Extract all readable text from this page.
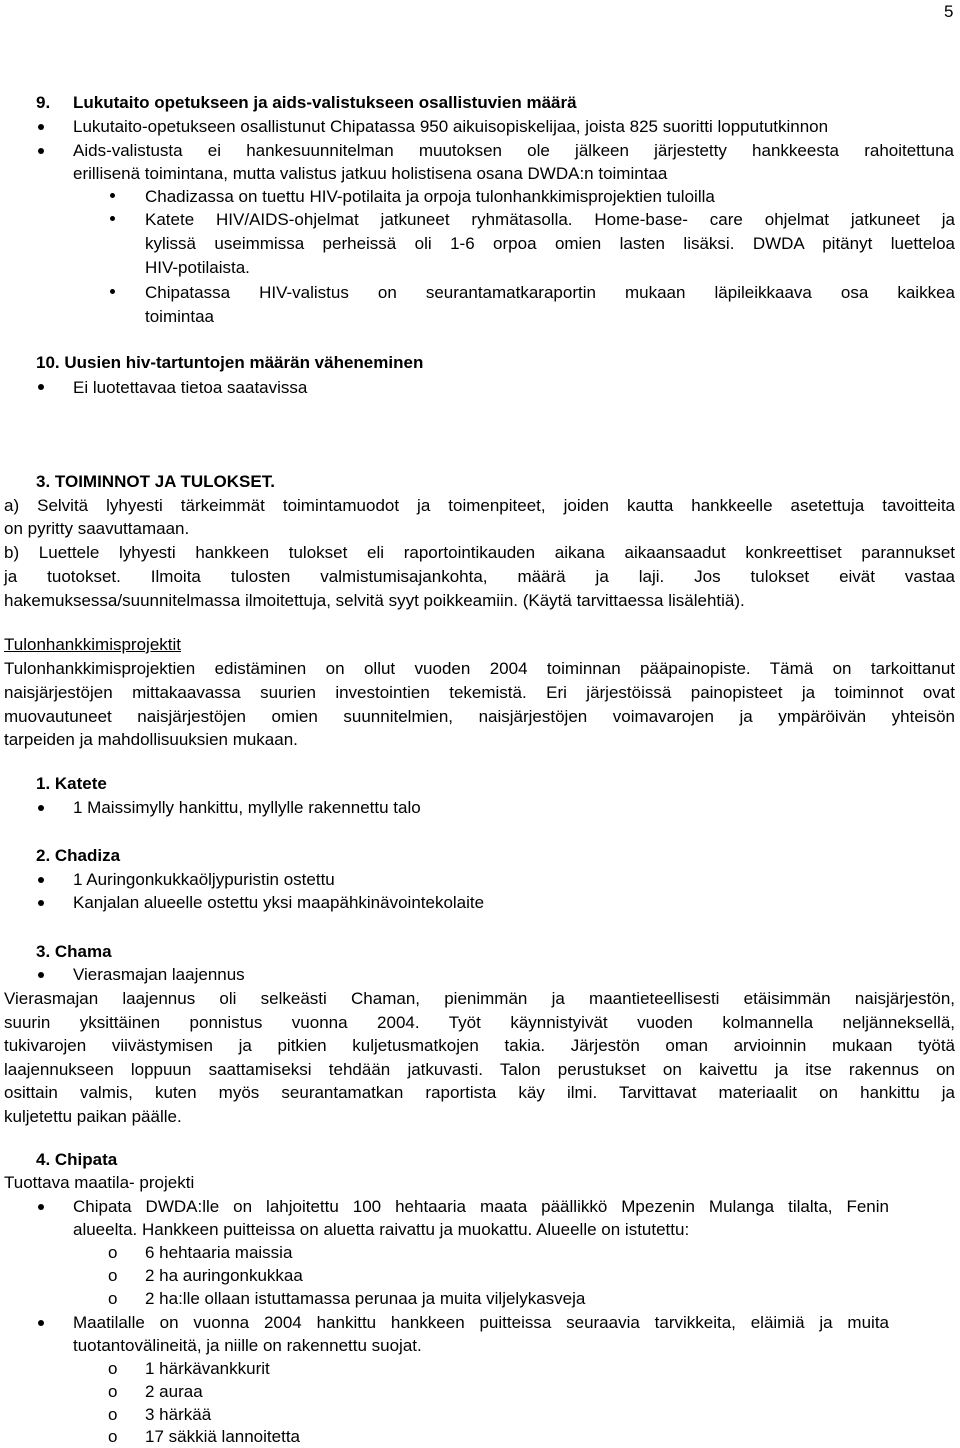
5
9. Lukutaito opetukseen ja aids-valistukseen osallistuvien määrä
Lukutaito-opetukseen osallistunut Chipatassa 950 aikuisopiskelijaa, joista 825 suoritti loppututkinnon
Aids-valistusta ei hankesuunnitelman muutoksen ole jälkeen järjestetty hankkeesta rahoitettuna
erillisenä toimintana, mutta valistus jatkuu holistisena osana DWDA:n toimintaa
Chadizassa on tuettu HIV-potilaita ja orpoja tulonhankkimisprojektien tuloilla
Katete HIV/AIDS-ohjelmat jatkuneet ryhmätasolla. Home-base- care ohjelmat jatkuneet ja
kylissä useimmissa perheissä oli 1-6 orpoa omien lasten lisäksi. DWDA pitänyt luetteloa
HIV-potilaista.
Chipatassa HIV-valistus on seurantamatkaraportin mukaan läpileikkaava osa kaikkea
toimintaa
10. Uusien hiv-tartuntojen määrän väheneminen
Ei luotettavaa tietoa saatavissa
3. TOIMINNOT JA TULOKSET.
a) Selvitä lyhyesti tärkeimmät toimintamuodot ja toimenpiteet, joiden kautta hankkeelle asetettuja tavoitteita
on pyritty saavuttamaan.
b) Luettele lyhyesti hankkeen tulokset eli raportointikauden aikana aikaansaadut konkreettiset parannukset
ja tuotokset. Ilmoita tulosten valmistumisajankohta, määrä ja laji. Jos tulokset eivät vastaa
hakemuksessa/suunnitelmassa ilmoitettuja, selvitä syyt poikkeamiin. (Käytä tarvittaessa lisälehtiä).
Tulonhankkimisprojektit
Tulonhankkimisprojektien edistäminen on ollut vuoden 2004 toiminnan pääpainopiste. Tämä on tarkoittanut
naisjärjestöjen mittakaavassa suurien investointien tekemistä. Eri järjestöissä painopisteet ja toiminnot ovat
muovautuneet naisjärjestöjen omien suunnitelmien, naisjärjestöjen voimavarojen ja ympäröivän yhteisön
tarpeiden ja mahdollisuuksien mukaan.
1. Katete
1 Maissimylly hankittu, myllylle rakennettu talo
2. Chadiza
1 Auringonkukkaöljypuristin ostettu
Kanjalan alueelle ostettu yksi maapähkinävointekolaite
3. Chama
Vierasmajan laajennus
Vierasmajan laajennus oli selkeästi Chaman, pienimmän ja maantieteellisesti etäisimmän naisjärjestön,
suurin yksittäinen ponnistus vuonna 2004. Työt käynnistyivät vuoden kolmannella neljänneksellä,
tukivarojen viivästymisen ja pitkien kuljetusmatkojen takia. Järjestön oman arvioinnin mukaan työtä
laajennukseen loppuun saattamiseksi tehdään jatkuvasti. Talon perustukset on kaivettu ja itse rakennus on
osittain valmis, kuten myös seurantamatkan raportista käy ilmi. Tarvittavat materiaalit on hankittu ja
kuljetettu paikan päälle.
4. Chipata
Tuottava maatila- projekti
Chipata DWDA:lle on lahjoitettu 100 hehtaaria maata päällikkö Mpezenin Mulanga tilalta, Fenin
alueelta. Hankkeen puitteissa on aluetta raivattu ja muokattu. Alueelle on istutettu:
o 6 hehtaaria maissia
o 2 ha auringonkukkaa
o 2 ha:lle ollaan istuttamassa perunaa ja muita viljelykasveja
Maatilalle on vuonna 2004 hankittu hankkeen puitteissa seuraavia tarvikkeita, eläimiä ja muita
tuotantovälineitä, ja niille on rakennettu suojat.
o 1 härkävankkurit
o 2 auraa
o 3 härkää
o 17 säkkiä lannoitetta
